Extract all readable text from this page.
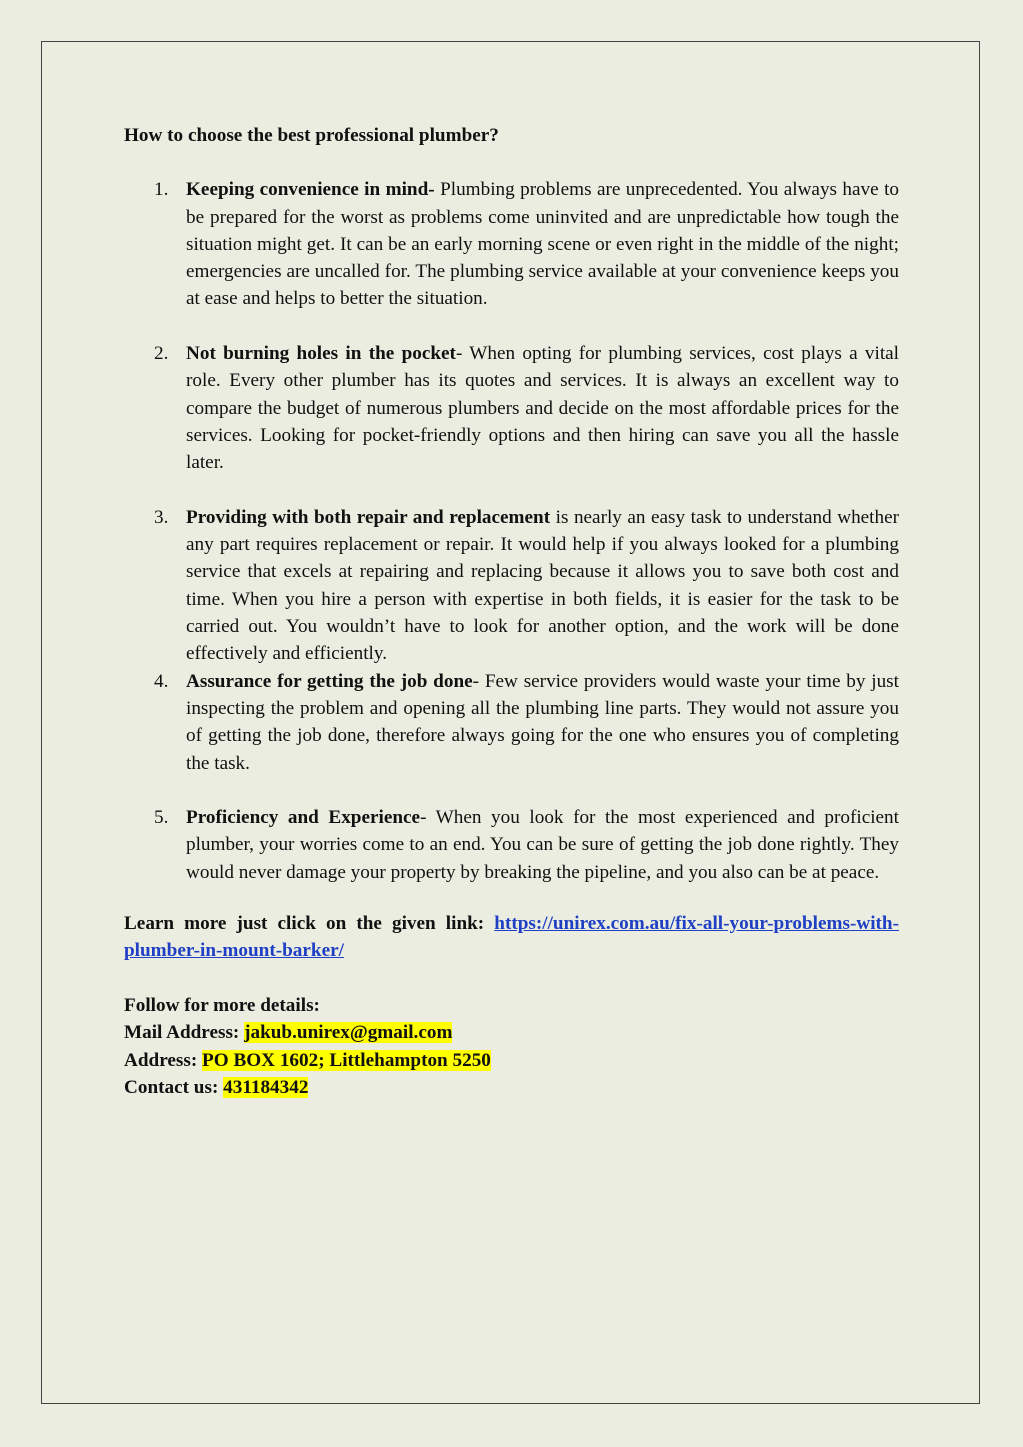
How to choose the best professional plumber?
1. Keeping convenience in mind- Plumbing problems are unprecedented. You always have to be prepared for the worst as problems come uninvited and are unpredictable how tough the situation might get. It can be an early morning scene or even right in the middle of the night; emergencies are uncalled for. The plumbing service available at your convenience keeps you at ease and helps to better the situation.
2. Not burning holes in the pocket- When opting for plumbing services, cost plays a vital role. Every other plumber has its quotes and services. It is always an excellent way to compare the budget of numerous plumbers and decide on the most affordable prices for the services. Looking for pocket-friendly options and then hiring can save you all the hassle later.
3. Providing with both repair and replacement is nearly an easy task to understand whether any part requires replacement or repair. It would help if you always looked for a plumbing service that excels at repairing and replacing because it allows you to save both cost and time. When you hire a person with expertise in both fields, it is easier for the task to be carried out. You wouldn’t have to look for another option, and the work will be done effectively and efficiently.
4. Assurance for getting the job done- Few service providers would waste your time by just inspecting the problem and opening all the plumbing line parts. They would not assure you of getting the job done, therefore always going for the one who ensures you of completing the task.
5. Proficiency and Experience- When you look for the most experienced and proficient plumber, your worries come to an end. You can be sure of getting the job done rightly. They would never damage your property by breaking the pipeline, and you also can be at peace.
Learn more just click on the given link: https://unirex.com.au/fix-all-your-problems-with-plumber-in-mount-barker/
Follow for more details:
Mail Address: jakub.unirex@gmail.com
Address: PO BOX 1602; Littlehampton 5250
Contact us: 431184342
